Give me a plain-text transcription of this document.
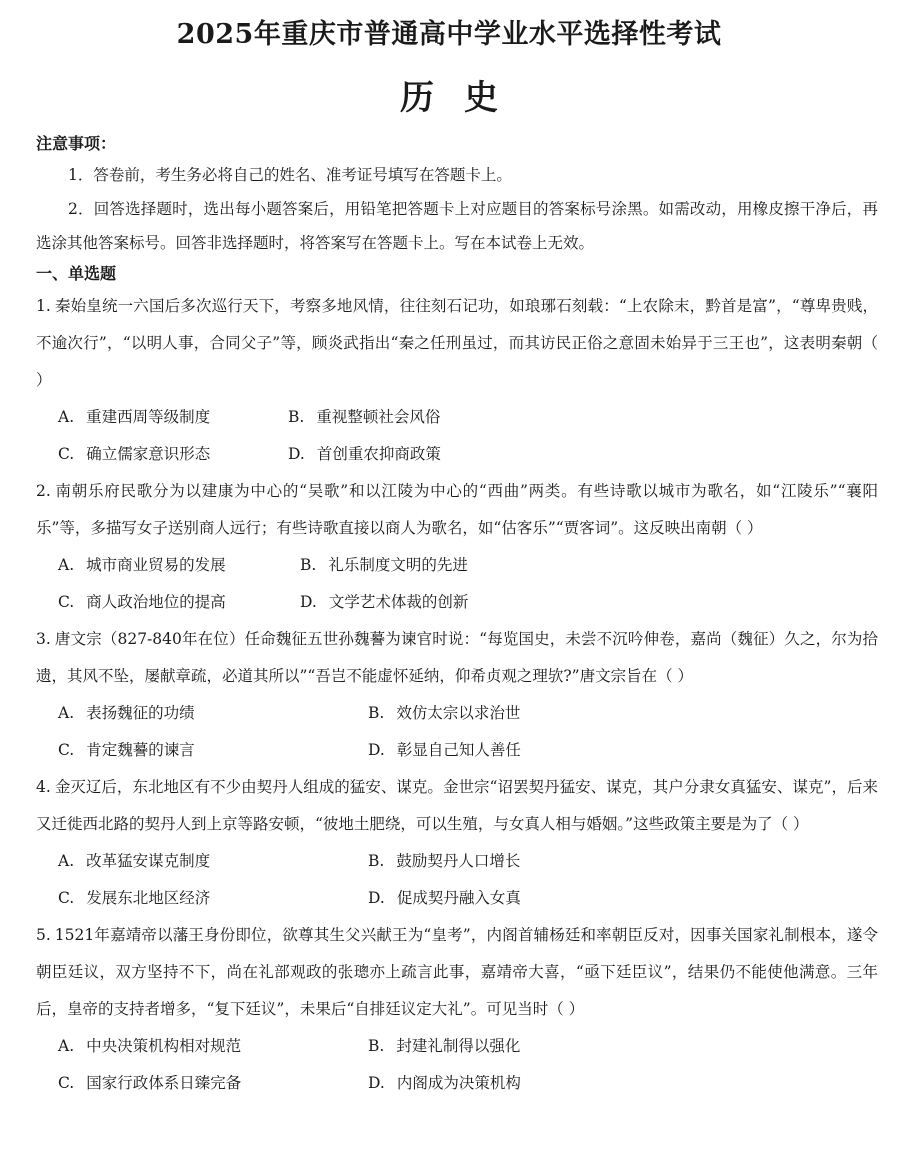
2025年重庆市普通高中学业水平选择性考试
历史
注意事项：
1．答卷前，考生务必将自己的姓名、准考证号填写在答题卡上。
2．回答选择题时，选出每小题答案后，用铅笔把答题卡上对应题目的答案标号涂黑。如需改动，用橡皮擦干净后，再选涂其他答案标号。回答非选择题时，将答案写在答题卡上。写在本试卷上无效。
一、单选题
1. 秦始皇统一六国后多次巡行天下，考察多地风情，往往刻石记功，如琅琊石刻载：“上农除末，黔首是富”，“尊卑贵贱，不逾次行”，“以明人事，合同父子”等，顾炎武指出“秦之任刑虽过，而其访民正俗之意固未始异于三王也”，这表明秦朝（ ）
A. 重建西周等级制度	B. 重视整顿社会风俗
C. 确立儒家意识形态	D. 首创重农抑商政策
2. 南朝乐府民歌分为以建康为中心的“吴歌”和以江陵为中心的“西曲”两类。有些诗歌以城市为歌名，如“江陵乐”“襄阳乐”等，多描写女子送别商人远行；有些诗歌直接以商人为歌名，如“估客乐”“贾客词”。这反映出南朝（ ）
A. 城市商业贸易的发展	B. 礼乐制度文明的先进
C. 商人政治地位的提高	D. 文学艺术体裁的创新
3. 唐文宗（827-840年在位）任命魏征五世孙魏謩为谏官时说：“每览国史，未尝不沉吟伸卷，嘉尚（魏征）久之，尔为拾遗，其风不坠，屡献章疏，必道其所以”“吾岂不能虚怀延纳，仰希贞观之理欤?”唐文宗旨在（ ）
A. 表扬魏征的功绩	B. 效仿太宗以求治世
C. 肯定魏謩的谏言	D. 彰显自己知人善任
4. 金灭辽后，东北地区有不少由契丹人组成的猛安、谋克。金世宗“诏罢契丹猛安、谋克，其户分隶女真猛安、谋克”，后来又迁徙西北路的契丹人到上京等路安顿，“彼地土肥绕，可以生殖，与女真人相与婚姻。”这些政策主要是为了（ ）
A. 改革猛安谋克制度	B. 鼓励契丹人口增长
C. 发展东北地区经济	D. 促成契丹融入女真
5. 1521年嘉靖帝以藩王身份即位，欲尊其生父兴献王为“皇考”，内阁首辅杨廷和率朝臣反对，因事关国家礼制根本，遂令朝臣廷议，双方坚持不下，尚在礼部观政的张璁亦上疏言此事，嘉靖帝大喜，“亟下廷臣议”，结果仍不能使他满意。三年后，皇帝的支持者增多，“复下廷议”，未果后“自排廷议定大礼”。可见当时（ ）
A. 中央决策机构相对规范	B. 封建礼制得以强化
C. 国家行政体系日臻完备	D. 内阁成为决策机构
